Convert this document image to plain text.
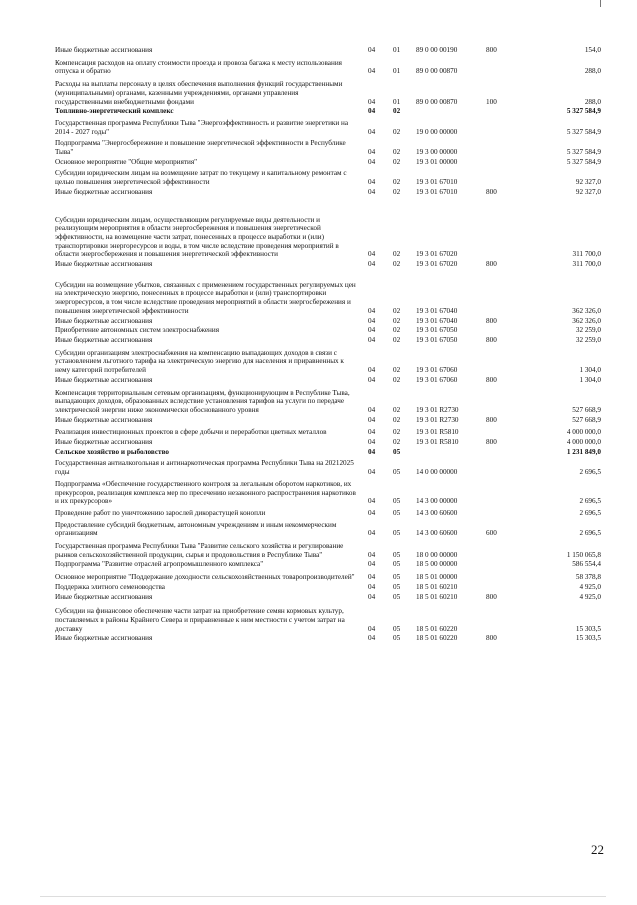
Иные бюджетные ассигнования	04	01	89 0 00 00190	800	154,0
Компенсация расходов на оплату стоимости проезда и провоза багажа к месту использования отпуска и обратно	04	01	89 0 00 00870		288,0
Расходы на выплаты персоналу в целях обеспечения выполнения функций государственными (муниципальными) органами, казенными учреждениями, органами управления государственными внебюджетными фондами	04	01	89 0 00 00870	100	288,0
Топливно-энергетический комплекс	04	02			5 327 584,9
Государственная программа Республики Тыва "Энергоэффективность и развитие энергетики на 2014 - 2027 годы"	04	02	19 0 00 00000		5 327 584,9
Подпрограмма "Энергосбережение и повышение энергетической эффективности в Республике Тыва"	04	02	19 3 00 00000		5 327 584,9
Основное мероприятие "Общие мероприятия"	04	02	19 3 01 00000		5 327 584,9
Субсидии юридическим лицам на возмещение затрат по текущему и капитальному ремонтам с целью повышения энергетической эффективности	04	02	19 3 01 67010		92 327,0
Иные бюджетные ассигнования	04	02	19 3 01 67010	800	92 327,0
Субсидии юридическим лицам, осуществляющим регулируемые виды деятельности и реализующим мероприятия в области энергосбережения и повышения энергетической эффективности, на возмещение части затрат, понесенных в процессе выработки и (или) транспортировки энергоресурсов и воды, в том числе вследствие проведения мероприятий в области энергосбережения и повышения энергетической эффективности	04	02	19 3 01 67020		311 700,0
Иные бюджетные ассигнования	04	02	19 3 01 67020	800	311 700,0
Субсидии на возмещение убытков, связанных с применением государственных регулируемых цен на электрическую энергию, понесенных в процессе выработки и (или) транспортировки энергоресурсов, в том числе вследствие проведения мероприятий в области энергосбережения и повышения энергетической эффективности	04	02	19 3 01 67040		362 326,0
Иные бюджетные ассигнования	04	02	19 3 01 67040	800	362 326,0
Приобретение автономных систем электроснабжения	04	02	19 3 01 67050		32 259,0
Иные бюджетные ассигнования	04	02	19 3 01 67050	800	32 259,0
Субсидии организациям электроснабжения на компенсацию выпадающих доходов в связи с установлением льготного тарифа на электрическую энергию для населения и приравненных к нему категорий потребителей	04	02	19 3 01 67060		1 304,0
Иные бюджетные ассигнования	04	02	19 3 01 67060	800	1 304,0
Компенсация территориальным сетевым организациям, функционирующим в Республике Тыва, выпадающих доходов, образованных вследствие установления тарифов на услуги по передаче электрической энергии ниже экономически обоснованного уровня	04	02	19 3 01 R2730		527 668,9
Иные бюджетные ассигнования	04	02	19 3 01 R2730	800	527 668,9
Реализация инвестиционных проектов в сфере добычи и переработки цветных металлов	04	02	19 3 01 R5810		4 000 000,0
Иные бюджетные ассигнования	04	02	19 3 01 R5810	800	4 000 000,0
Сельское хозяйство и рыболовство	04	05			1 231 849,0
Государственная антиалкогольная и антинаркотическая программа Республики Тыва на 20212025 годы	04	05	14 0 00 00000		2 696,5
Подпрограмма «Обеспечение государственного контроля за легальным оборотом наркотиков, их прекурсоров, реализация комплекса мер по пресечению незаконного распространения наркотиков и их прекурсоров»	04	05	14 3 00 00000		2 696,5
Проведение работ по уничтожению зарослей дикорастущей конопли	04	05	14 3 00 60600		2 696,5
Предоставление субсидий бюджетным, автономным учреждениям и иным некоммерческим организациям	04	05	14 3 00 60600	600	2 696,5
Государственная программа Республики Тыва "Развитие сельского хозяйства и регулирование рынков сельскохозяйственной продукции, сырья и продовольствия в Республике Тыва"	04	05	18 0 00 00000		1 150 065,8
Подпрограмма "Развитие отраслей агропромышленного комплекса"	04	05	18 5 00 00000		586 554,4
Основное мероприятие "Поддержание доходности сельскохозяйственных товаропроизводителей"	04	05	18 5 01 00000		58 378,8
Поддержка элитного семеноводства	04	05	18 5 01 60210		4 925,0
Иные бюджетные ассигнования	04	05	18 5 01 60210	800	4 925,0
Субсидии на финансовое обеспечение части затрат на приобретение семян кормовых культур, поставляемых в районы Крайнего Севера и приравненные к ним местности с учетом затрат на доставку	04	05	18 5 01 60220		15 303,5
Иные бюджетные ассигнования	04	05	18 5 01 60220	800	15 303,5
22
